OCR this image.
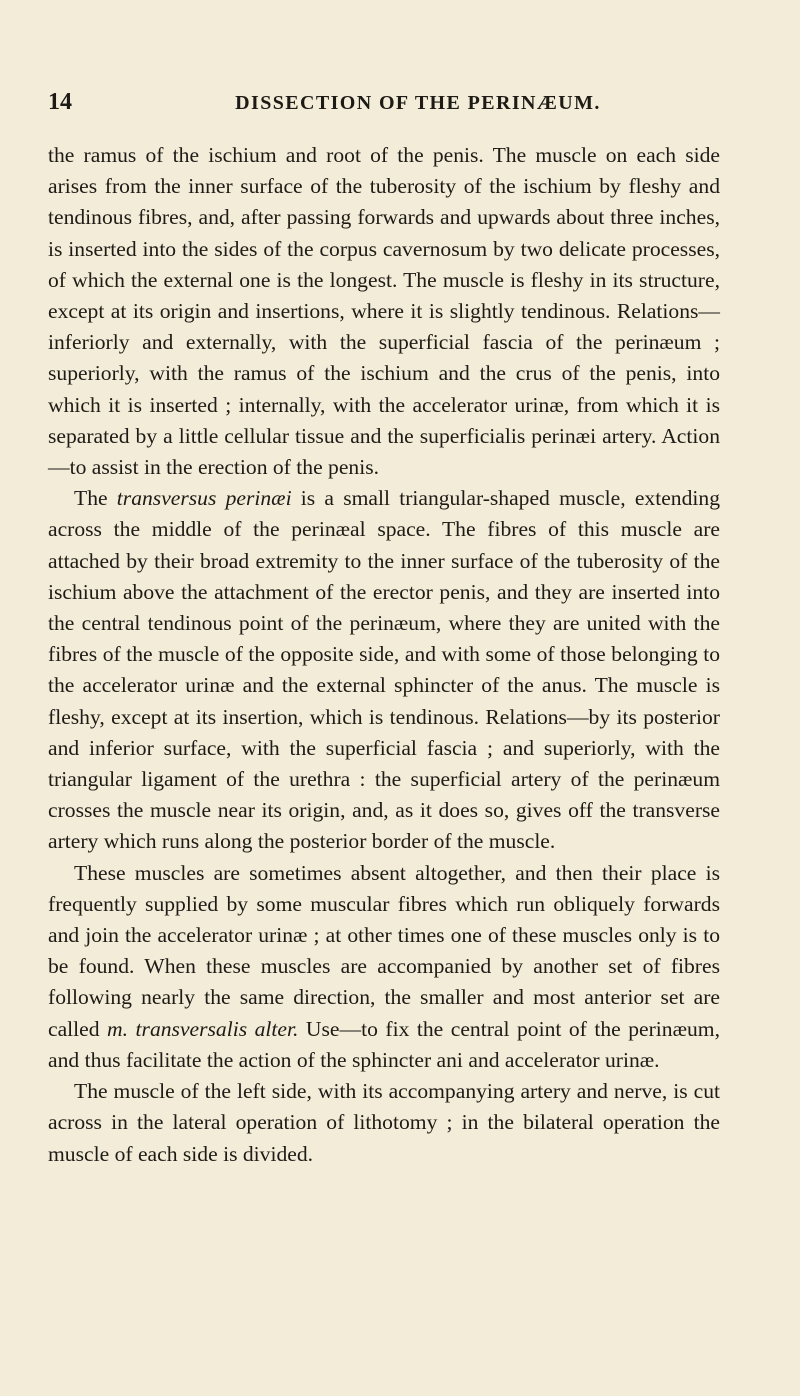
14	DISSECTION OF THE PERINÆUM.

the ramus of the ischium and root of the penis. The muscle on each side arises from the inner surface of the tuberosity of the ischium by fleshy and tendinous fibres, and, after passing forwards and upwards about three inches, is inserted into the sides of the corpus cavernosum by two delicate processes, of which the external one is the longest. The muscle is fleshy in its structure, except at its origin and insertions, where it is slightly tendinous. Relations—inferiorly and externally, with the superficial fascia of the perinæum ; superiorly, with the ramus of the ischium and the crus of the penis, into which it is inserted ; internally, with the accelerator urinæ, from which it is separated by a little cellular tissue and the superficialis perinæi artery. Action—to assist in the erection of the penis.

The transversus perinæi is a small triangular-shaped muscle, extending across the middle of the perinæal space. The fibres of this muscle are attached by their broad extremity to the inner surface of the tuberosity of the ischium above the attachment of the erector penis, and they are inserted into the central tendinous point of the perinæum, where they are united with the fibres of the muscle of the opposite side, and with some of those belonging to the accelerator urinæ and the external sphincter of the anus. The muscle is fleshy, except at its insertion, which is tendinous. Relations—by its posterior and inferior surface, with the superficial fascia ; and superiorly, with the triangular ligament of the urethra : the superficial artery of the perinæum crosses the muscle near its origin, and, as it does so, gives off the transverse artery which runs along the posterior border of the muscle.

These muscles are sometimes absent altogether, and then their place is frequently supplied by some muscular fibres which run obliquely forwards and join the accelerator urinæ ; at other times one of these muscles only is to be found. When these muscles are accompanied by another set of fibres following nearly the same direction, the smaller and most anterior set are called m. transversalis alter. Use—to fix the central point of the perinæum, and thus facilitate the action of the sphincter ani and accelerator urinæ.

The muscle of the left side, with its accompanying artery and nerve, is cut across in the lateral operation of lithotomy ; in the bilateral operation the muscle of each side is divided.
